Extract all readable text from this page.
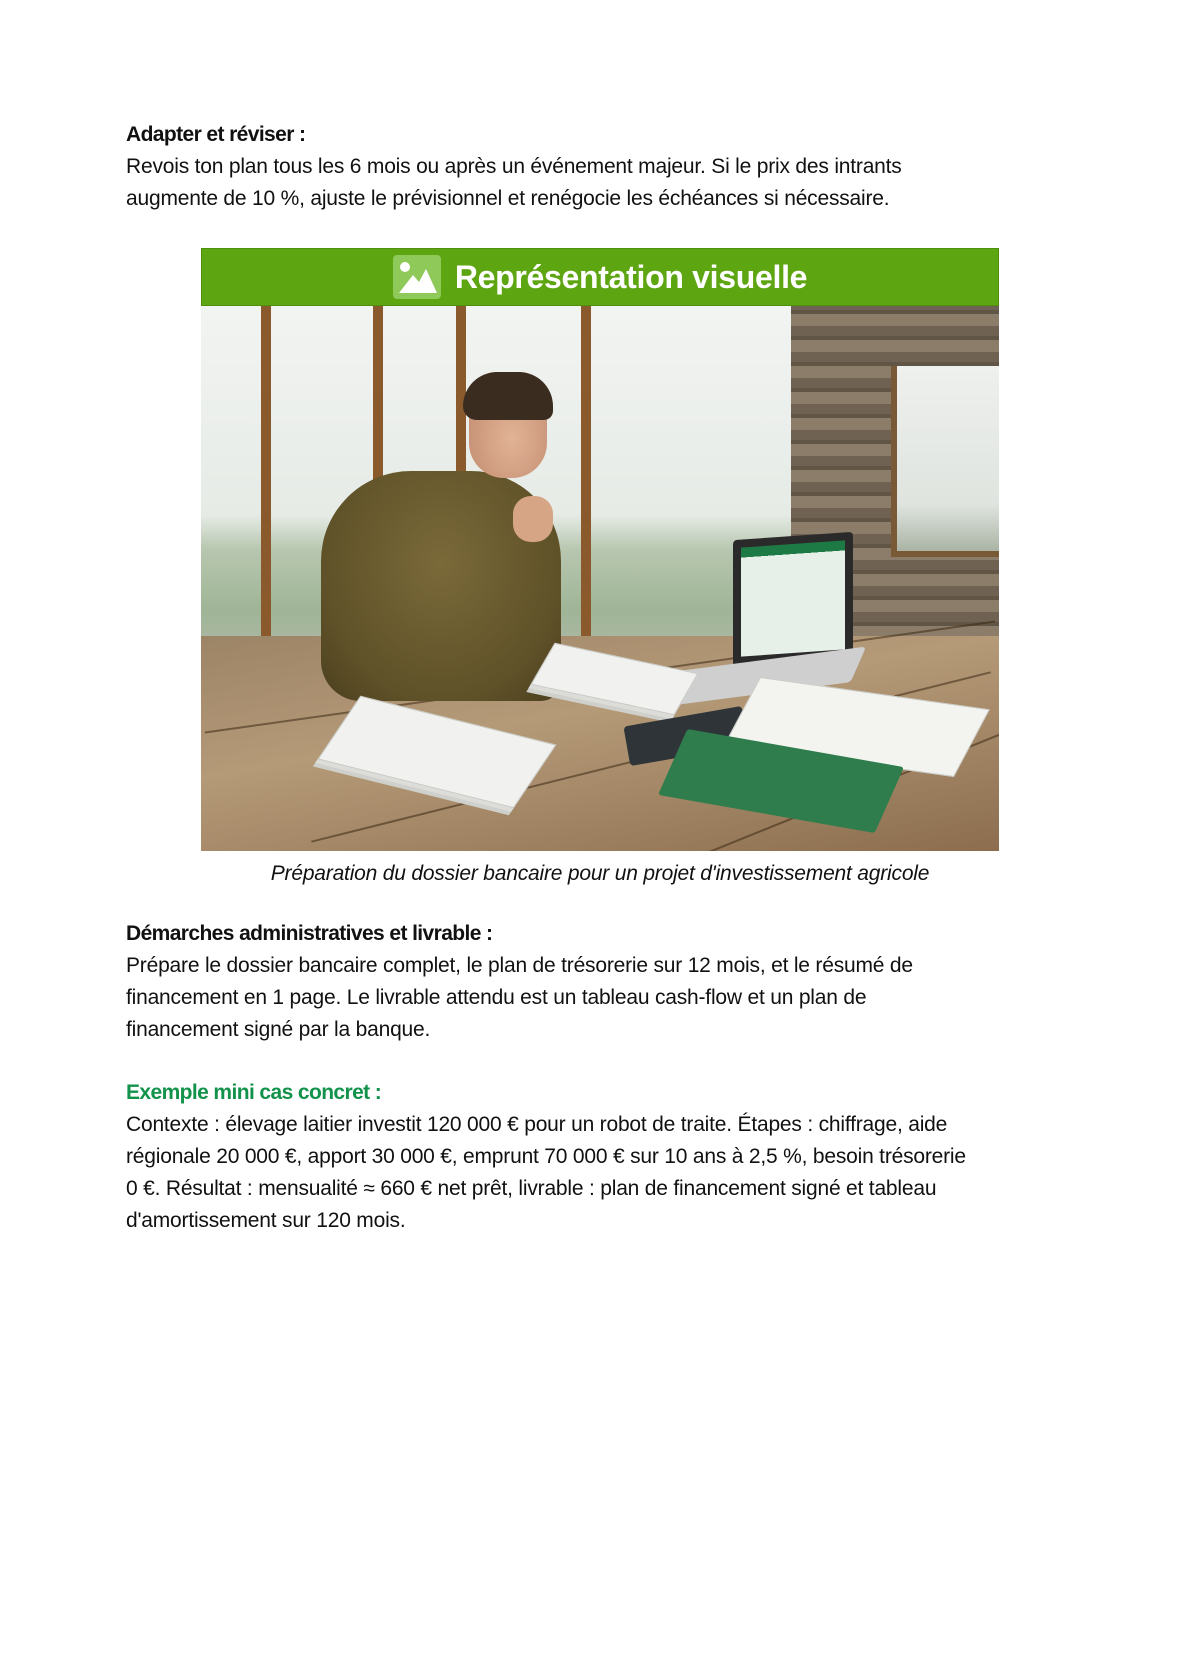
Adapter et réviser :

Revois ton plan tous les 6 mois ou après un événement majeur. Si le prix des intrants
augmente de 10 %, ajuste le prévisionnel et renégocie les échéances si nécessaire.

Représentation visuelle
Préparation du dossier bancaire pour un projet d'investissement agricole
Démarches administratives et livrable :

Prépare le dossier bancaire complet, le plan de trésorerie sur 12 mois, et le résumé de
financement en 1 page. Le livrable attendu est un tableau cash-flow et un plan de
financement signé par la banque.

Exemple mini cas concret :

Contexte : élevage laitier investit 120 000 € pour un robot de traite. Étapes : chiffrage, aide
régionale 20 000 €, apport 30 000 €, emprunt 70 000 € sur 10 ans à 2,5 %, besoin trésorerie
0 €. Résultat : mensualité ≈ 660 € net prêt, livrable : plan de financement signé et tableau
d'amortissement sur 120 mois.
